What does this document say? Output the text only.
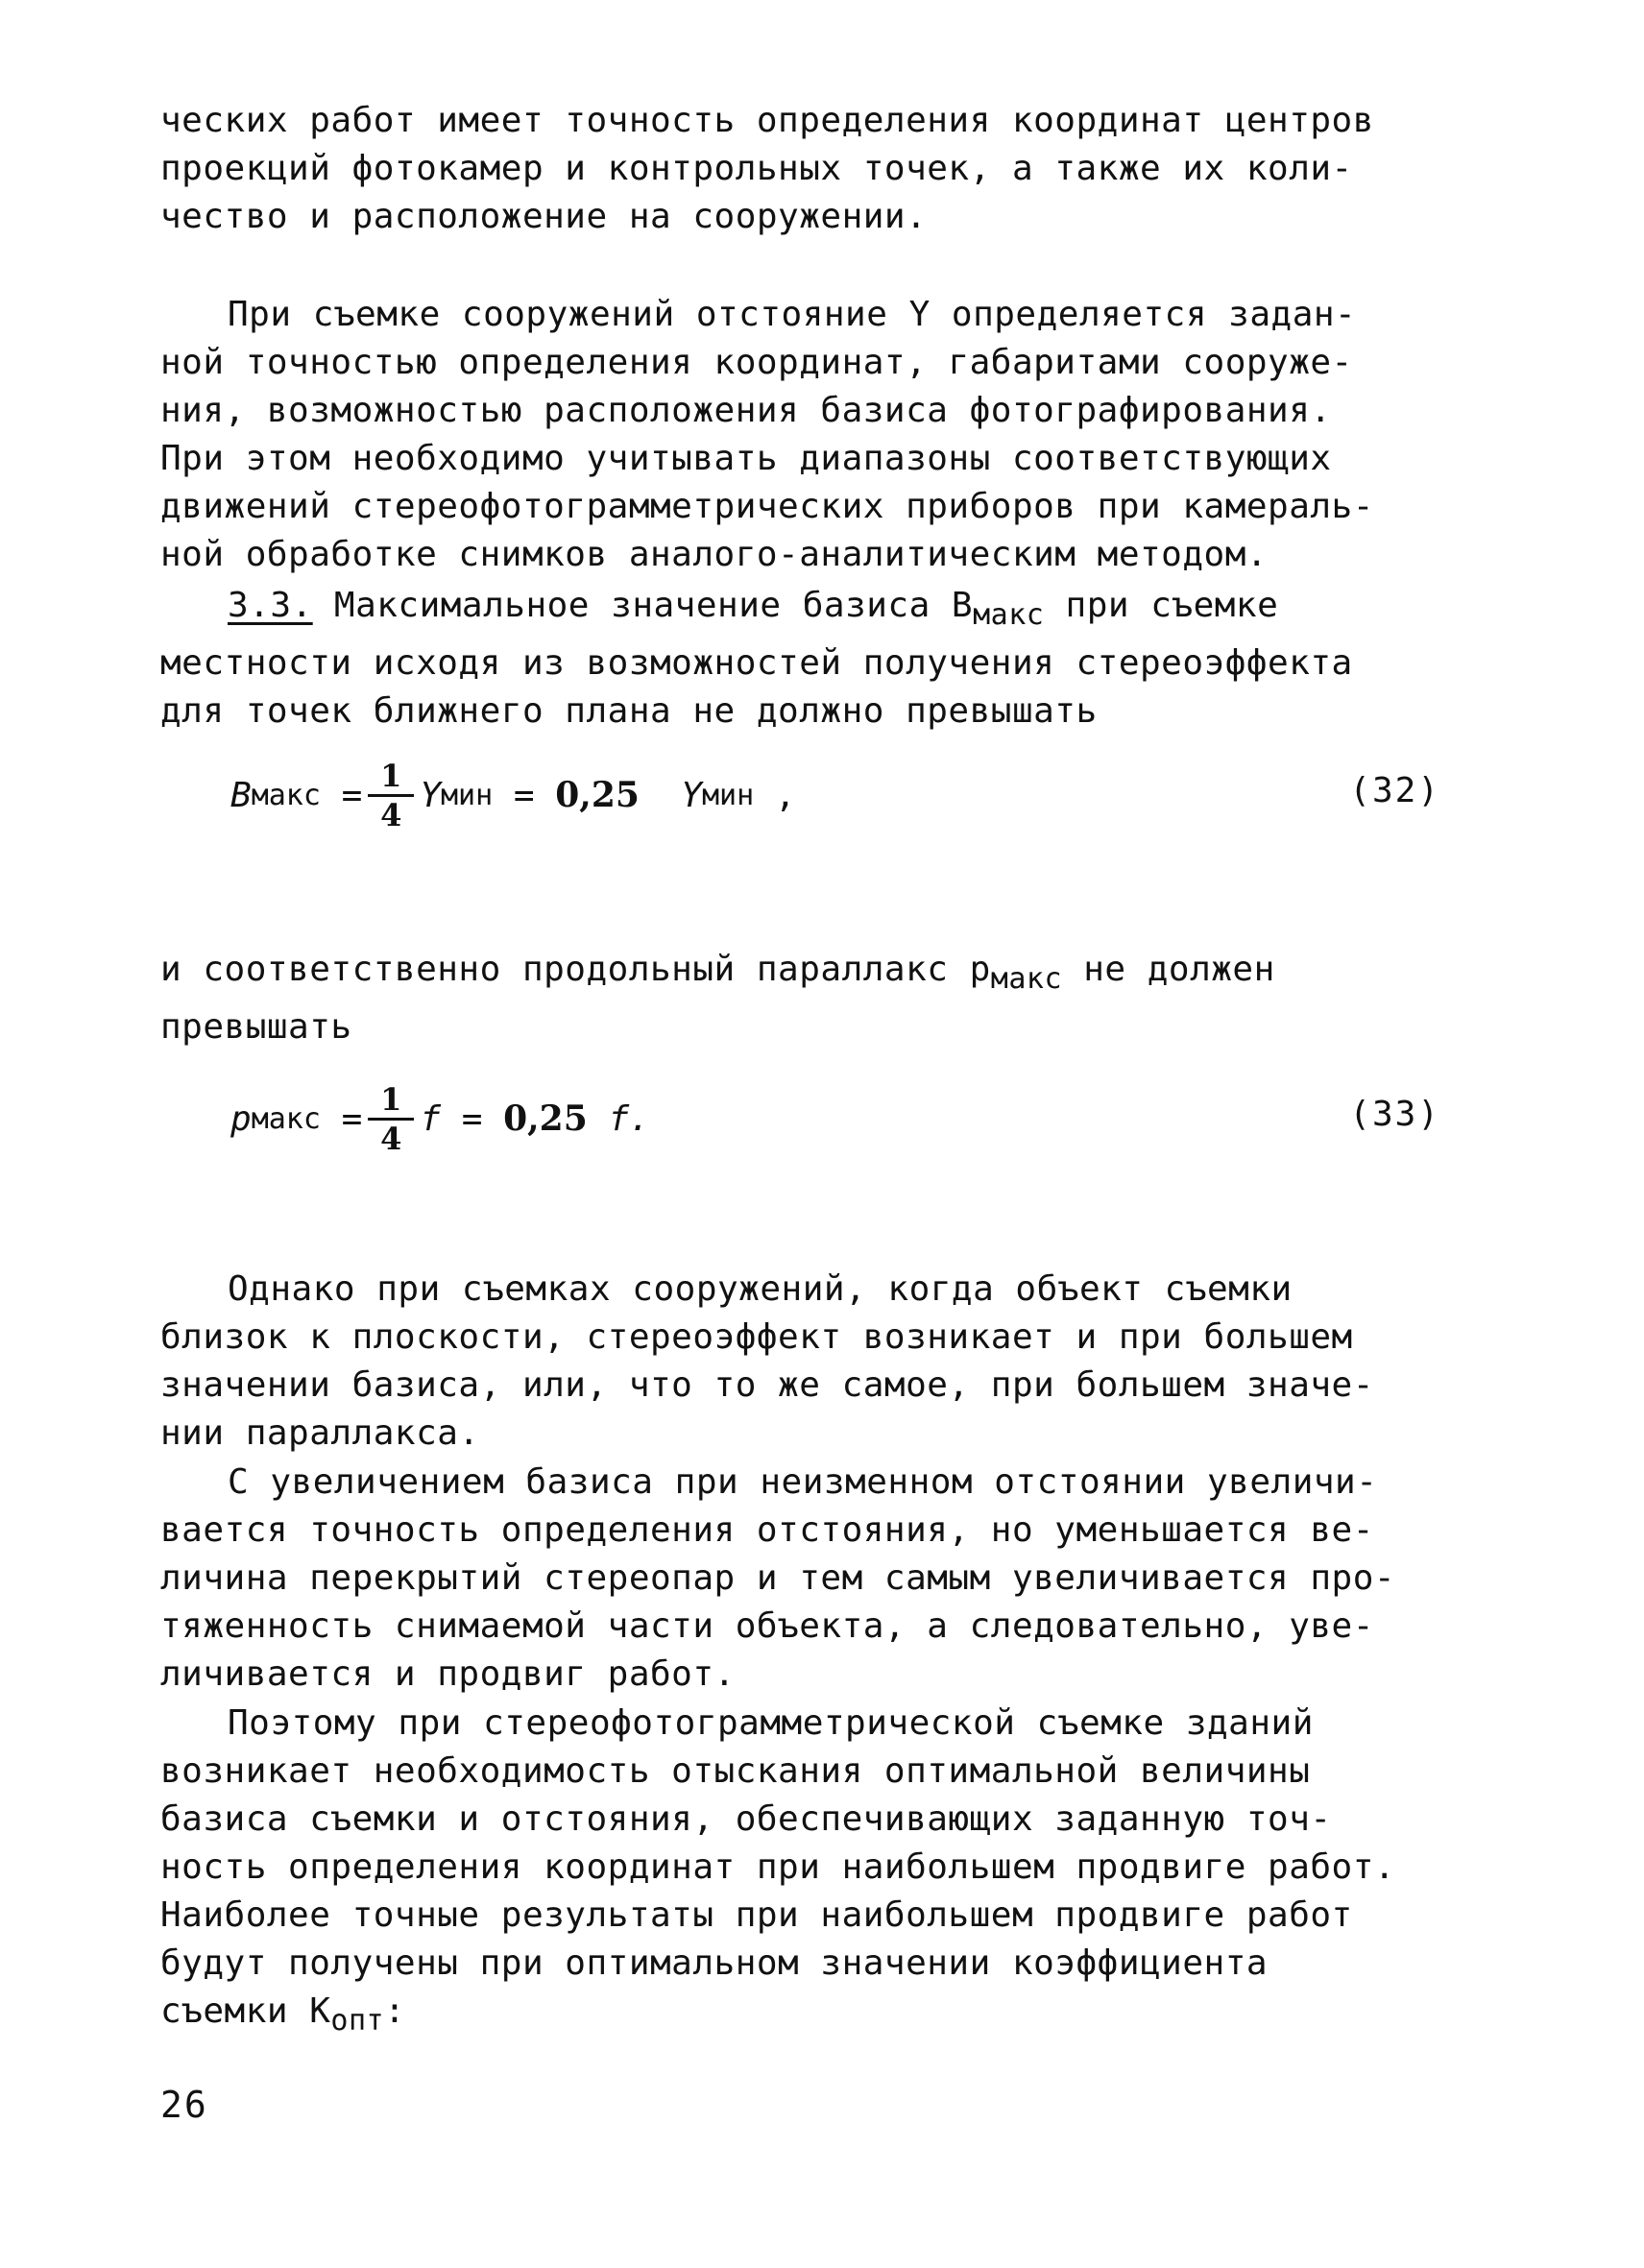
ческих работ имеет точность определения координат центров
проекций фотокамер и контрольных точек, а также их коли-
чество и расположение на сооружении.
При съемке сооружений отстояние Y определяется задан-
ной точностью определения координат, габаритами сооруже-
ния, возможностью расположения базиса фотографирования.
При этом необходимо учитывать диапазоны соответствующих
движений стереофотограмметрических приборов при камераль-
ной обработке снимков аналого-аналитическим методом.
3.3. Максимальное значение базиса $B_{макс}$ при съемке
местности исходя из возможностей получения стереоэффекта
для точек ближнего плана не должно превышать
B макс
= $\frac{1}{4}$ Y мин
=
0,25
Y мин
,	(32)
и соответственно продольный параллакс $p_{макс}$ не должен
превышать
p макс
= $\frac{1}{4}$ f
=
0,25
f.	(33)
Однако при съемках сооружений, когда объект съемки
близок к плоскости, стереоэффект возникает и при большем
значении базиса, или, что то же самое, при большем значе-
нии параллакса.
С увеличением базиса при неизменном отстоянии увеличи-
вается точность определения отстояния, но уменьшается ве-
личина перекрытий стереопар и тем самым увеличивается про-
тяженность снимаемой части объекта, а следовательно, уве-
личивается и продвиг работ.
Поэтому при стереофотограмметрической съемке зданий
возникает необходимость отыскания оптимальной величины
базиса съемки и отстояния, обеспечивающих заданную точ-
ность определения координат при наибольшем продвиге работ.
Наиболее точные результаты при наибольшем продвиге работ
будут получены при оптимальном значении коэффициента
съемки $K_{опт}$:
26
